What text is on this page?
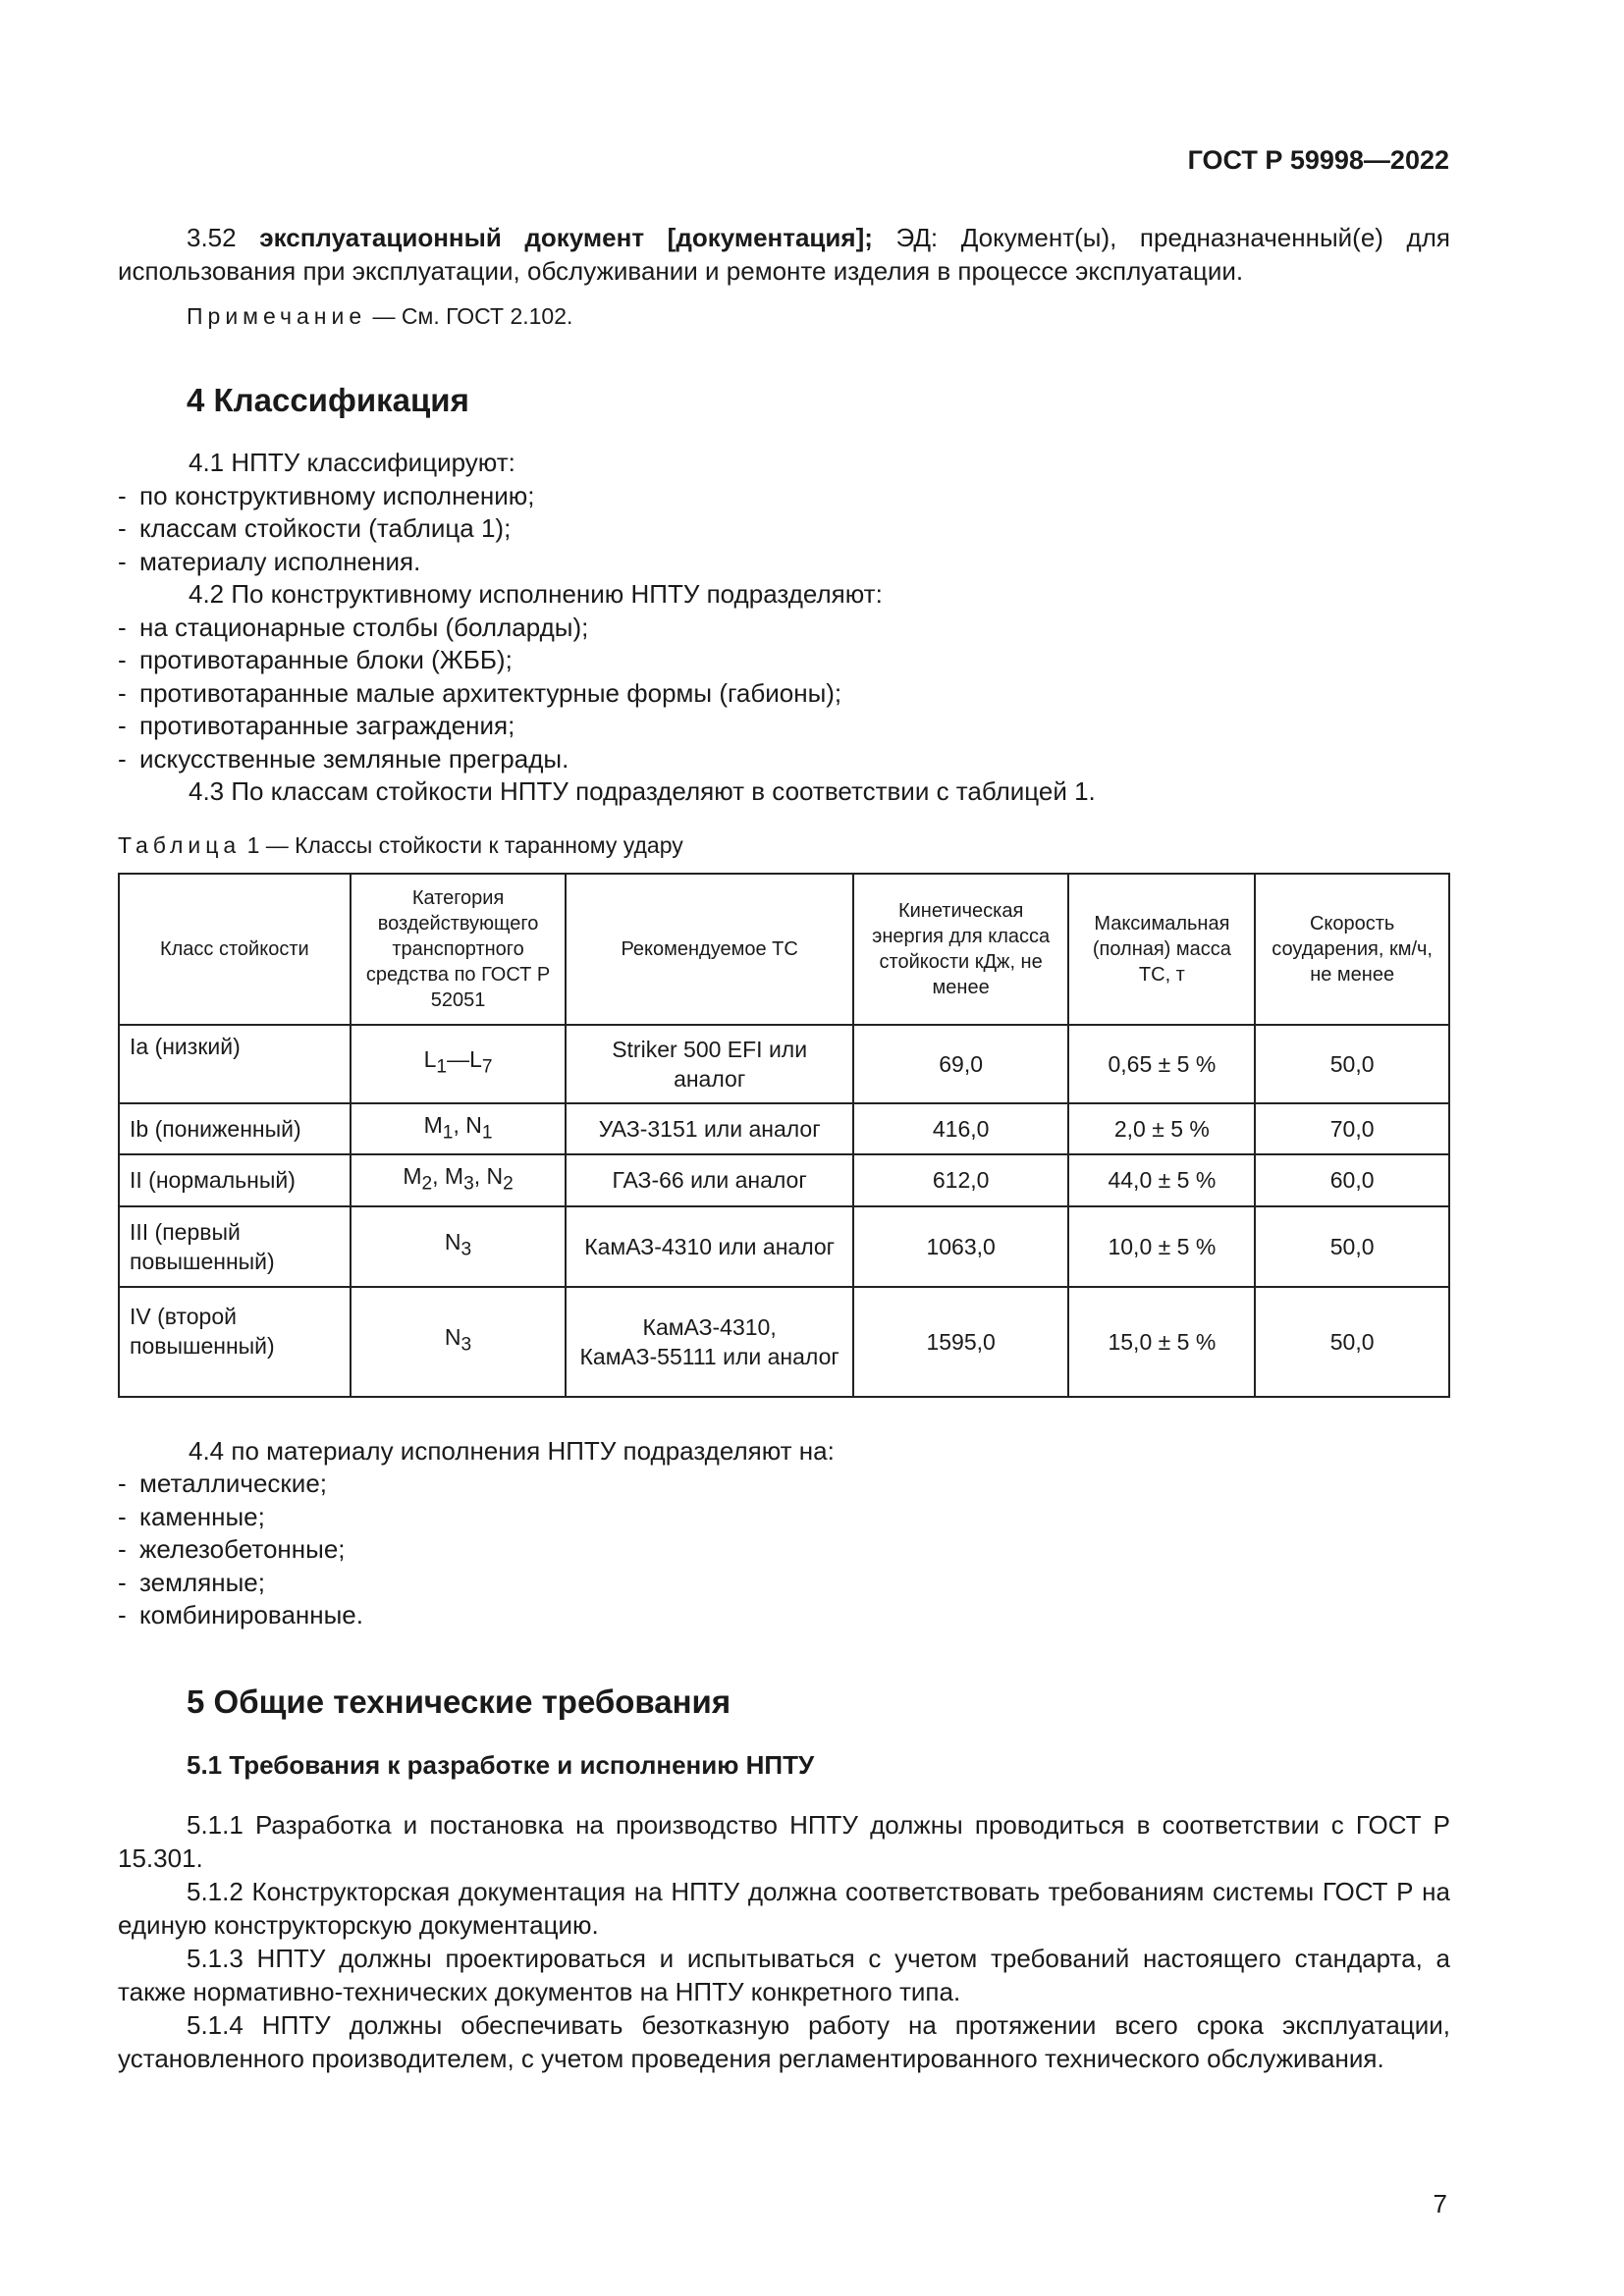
ГОСТ Р 59998—2022

3.52 эксплуатационный документ [документация]; ЭД: Документ(ы), предназначенный(е) для использования при эксплуатации, обслуживании и ремонте изделия в процессе эксплуатации.

Примечание — См. ГОСТ 2.102.

4 Классификация
4.1 НПТУ классифицируют:
- по конструктивному исполнению;
- классам стойкости (таблица 1);
- материалу исполнения.
4.2 По конструктивному исполнению НПТУ подразделяют:
- на стационарные столбы (болларды);
- противотаранные блоки (ЖББ);
- противотаранные малые архитектурные формы (габионы);
- противотаранные заграждения;
- искусственные земляные преграды.
4.3 По классам стойкости НПТУ подразделяют в соответствии с таблицей 1.
Таблица 1 — Классы стойкости к таранному удару
Класс стойкости	Категория воздействующего транспортного средства по ГОСТ Р 52051	Рекомендуемое ТС	Кинетическая энергия для класса стойкости кДж, не менее	Максимальная (полная) масса ТС, т	Скорость соударения, км/ч, не менее
Ia (низкий)	$L_1—L_7$	Striker 500 EFI или аналог	69,0	0,65 ± 5 %	50,0
Ib (пониженный)	$M_1$, $N_1$	УАЗ-3151 или аналог	416,0	2,0 ± 5 %	70,0
II (нормальный)	$M_2$, $M_3$, $N_2$	ГАЗ-66 или аналог	612,0	44,0 ± 5 %	60,0
III (первый повышенный)	$N_3$	КамАЗ-4310 или аналог	1063,0	10,0 ± 5 %	50,0
IV (второй повышенный)	$N_3$	КамАЗ-4310, КамАЗ-55111 или аналог	1595,0	15,0 ± 5 %	50,0
4.4 по материалу исполнения НПТУ подразделяют на:
- металлические;
- каменные;
- железобетонные;
- земляные;
- комбинированные.
5 Общие технические требования
5.1 Требования к разработке и исполнению НПТУ

5.1.1 Разработка и постановка на производство НПТУ должны проводиться в соответствии с ГОСТ Р 15.301.

5.1.2 Конструкторская документация на НПТУ должна соответствовать требованиям системы ГОСТ Р на единую конструкторскую документацию.

5.1.3 НПТУ должны проектироваться и испытываться с учетом требований настоящего стандарта, а также нормативно-технических документов на НПТУ конкретного типа.

5.1.4 НПТУ должны обеспечивать безотказную работу на протяжении всего срока эксплуатации, установленного производителем, с учетом проведения регламентированного технического обслуживания.

7
